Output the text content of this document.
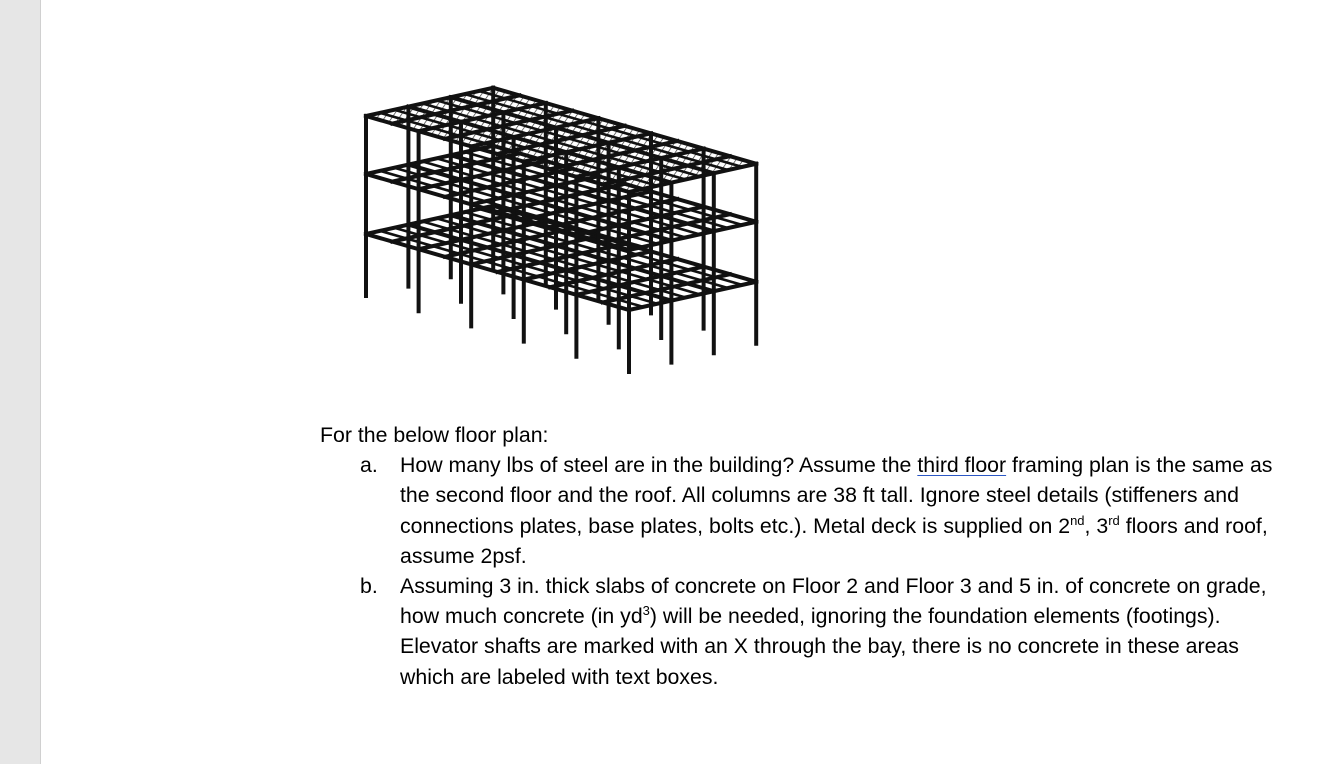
For the below floor plan:

a. How many lbs of steel are in the building? Assume the third floor framing plan is the same as the second floor and the roof. All columns are 38 ft tall. Ignore steel details (stiffeners and connections plates, base plates, bolts etc.). Metal deck is supplied on 2nd, 3rd floors and roof, assume 2psf.
b. Assuming 3 in. thick slabs of concrete on Floor 2 and Floor 3 and 5 in. of concrete on grade, how much concrete (in $yd^3$) will be needed, ignoring the foundation elements (footings). Elevator shafts are marked with an X through the bay, there is no concrete in these areas which are labeled with text boxes.
